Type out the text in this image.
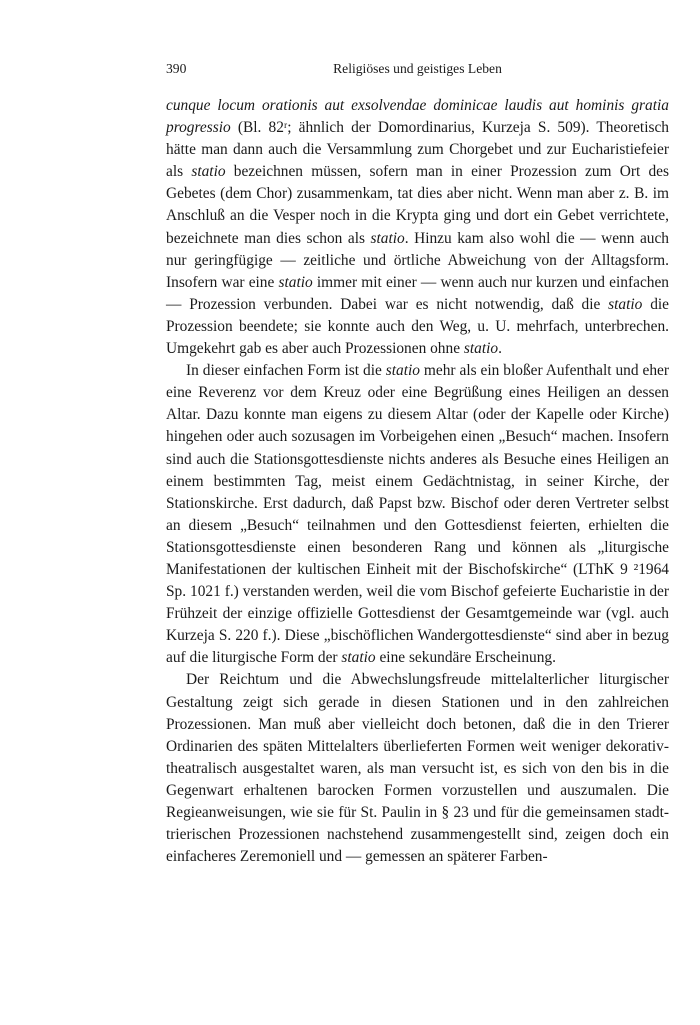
390	Religiöses und geistiges Leben

cunque locum orationis aut exsolvendae dominicae laudis aut hominis gratia progressio (Bl. 82ʳ; ähnlich der Domordinarius, Kurzeja S. 509). Theoretisch hätte man dann auch die Versammlung zum Chorgebet und zur Eucharistiefeier als statio bezeichnen müssen, sofern man in einer Prozession zum Ort des Gebetes (dem Chor) zusammenkam, tat dies aber nicht. Wenn man aber z. B. im Anschluß an die Vesper noch in die Krypta ging und dort ein Gebet verrichtete, bezeichnete man dies schon als statio. Hinzu kam also wohl die — wenn auch nur geringfügige — zeitliche und örtliche Abweichung von der Alltagsform. Insofern war eine statio immer mit einer — wenn auch nur kurzen und einfachen — Prozession verbunden. Dabei war es nicht notwendig, daß die statio die Prozession beendete; sie konnte auch den Weg, u. U. mehrfach, unterbrechen. Umgekehrt gab es aber auch Prozessionen ohne statio.

In dieser einfachen Form ist die statio mehr als ein bloßer Aufenthalt und eher eine Reverenz vor dem Kreuz oder eine Begrüßung eines Heiligen an dessen Altar. Dazu konnte man eigens zu diesem Altar (oder der Kapelle oder Kirche) hingehen oder auch sozusagen im Vorbeigehen einen „Besuch“ machen. Insofern sind auch die Stationsgottesdienste nichts anderes als Besuche eines Heiligen an einem bestimmten Tag, meist einem Gedächtnistag, in seiner Kirche, der Stationskirche. Erst dadurch, daß Papst bzw. Bischof oder deren Vertreter selbst an diesem „Besuch“ teilnahmen und den Gottesdienst feierten, erhielten die Stationsgottesdienste einen besonderen Rang und können als „liturgische Manifestationen der kultischen Einheit mit der Bischofskirche“ (LThK 9 ²1964 Sp. 1021 f.) verstanden werden, weil die vom Bischof gefeierte Eucharistie in der Frühzeit der einzige offizielle Gottesdienst der Gesamtgemeinde war (vgl. auch Kurzeja S. 220 f.). Diese „bischöflichen Wandergottesdienste“ sind aber in bezug auf die liturgische Form der statio eine sekundäre Erscheinung.

Der Reichtum und die Abwechslungsfreude mittelalterlicher liturgischer Gestaltung zeigt sich gerade in diesen Stationen und in den zahlreichen Prozessionen. Man muß aber vielleicht doch betonen, daß die in den Trierer Ordinarien des späten Mittelalters überlieferten Formen weit weniger dekorativ-theatralisch ausgestaltet waren, als man versucht ist, es sich von den bis in die Gegenwart erhaltenen barocken Formen vorzustellen und auszumalen. Die Regieanweisungen, wie sie für St. Paulin in § 23 und für die gemeinsamen stadttrierischen Prozessionen nachstehend zusammengestellt sind, zeigen doch ein einfacheres Zeremoniell und — gemessen an späterer Farben-
